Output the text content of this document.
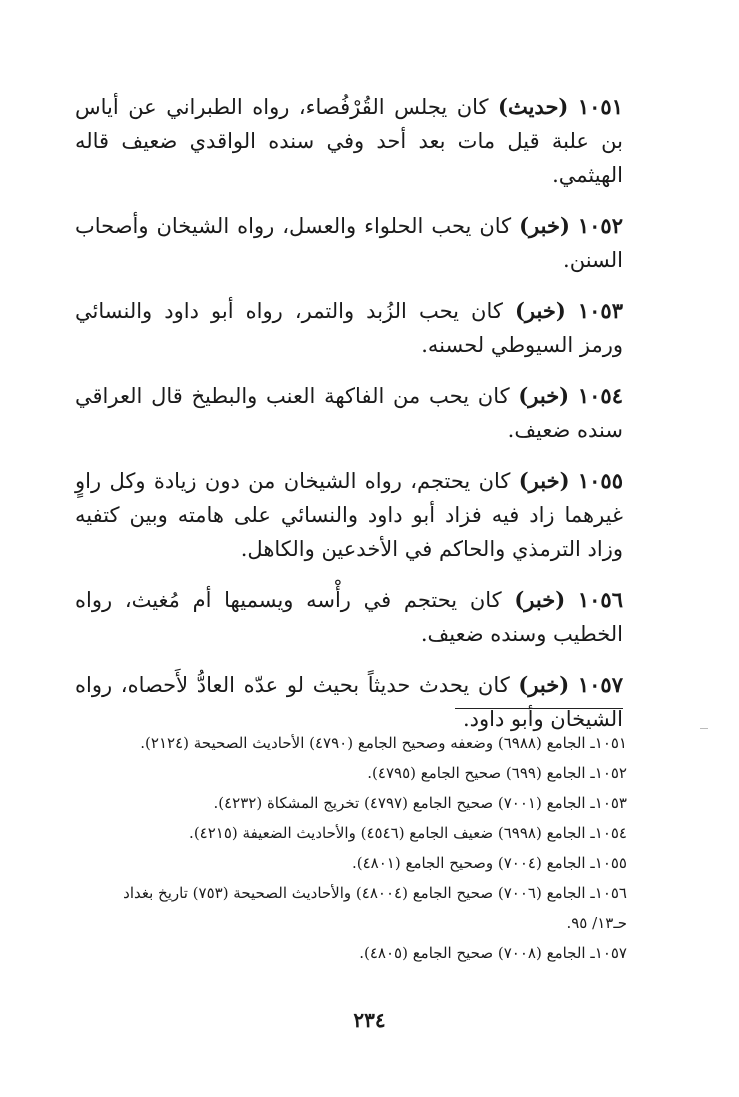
١٠٥١ (حديث) كان يجلس القُرْفُصاء، رواه الطبراني عن أياس بن علبة قيل مات بعد أحد وفي سنده الواقدي ضعيف قاله الهيثمي.

١٠٥٢ (خبر) كان يحب الحلواء والعسل، رواه الشيخان وأصحاب السنن.

١٠٥٣ (خبر) كان يحب الزُبد والتمر، رواه أبو داود والنسائي ورمز السيوطي لحسنه.

١٠٥٤ (خبر) كان يحب من الفاكهة العنب والبطيخ قال العراقي سنده ضعيف.

١٠٥٥ (خبر) كان يحتجم، رواه الشيخان من دون زيادة وكل راوٍ غيرهما زاد فيه فزاد أبو داود والنسائي على هامته وبين كتفيه وزاد الترمذي والحاكم في الأخدعين والكاهل.

١٠٥٦ (خبر) كان يحتجم في رأْسه ويسميها أم مُغيث، رواه الخطيب وسنده ضعيف.

١٠٥٧ (خبر) كان يحدث حديثاً بحيث لو عدّه العادُّ لأَحصاه، رواه الشيخان وأبو داود.

١٠٥١ـ الجامع (٦٩٨٨) وضعفه وصحيح الجامع (٤٧٩٠) الأحاديث الصحيحة (٢١٢٤).

١٠٥٢ـ الجامع (٦٩٩) صحيح الجامع (٤٧٩٥).

١٠٥٣ـ الجامع (٧٠٠١) صحيح الجامع (٤٧٩٧) تخريج المشكاة (٤٢٣٢).

١٠٥٤ـ الجامع (٦٩٩٨) ضعيف الجامع (٤٥٤٦) والأحاديث الضعيفة (٤٢١٥).

١٠٥٥ـ الجامع (٧٠٠٤) وصحيح الجامع (٤٨٠١).

١٠٥٦ـ الجامع (٧٠٠٦) صحيح الجامع (٤٨٠٠٤) والأحاديث الصحيحة (٧٥٣) تاريخ بغداد

حـ١٣/ ٩٥.

١٠٥٧ـ الجامع (٧٠٠٨) صحيح الجامع (٤٨٠٥).

٢٣٤
